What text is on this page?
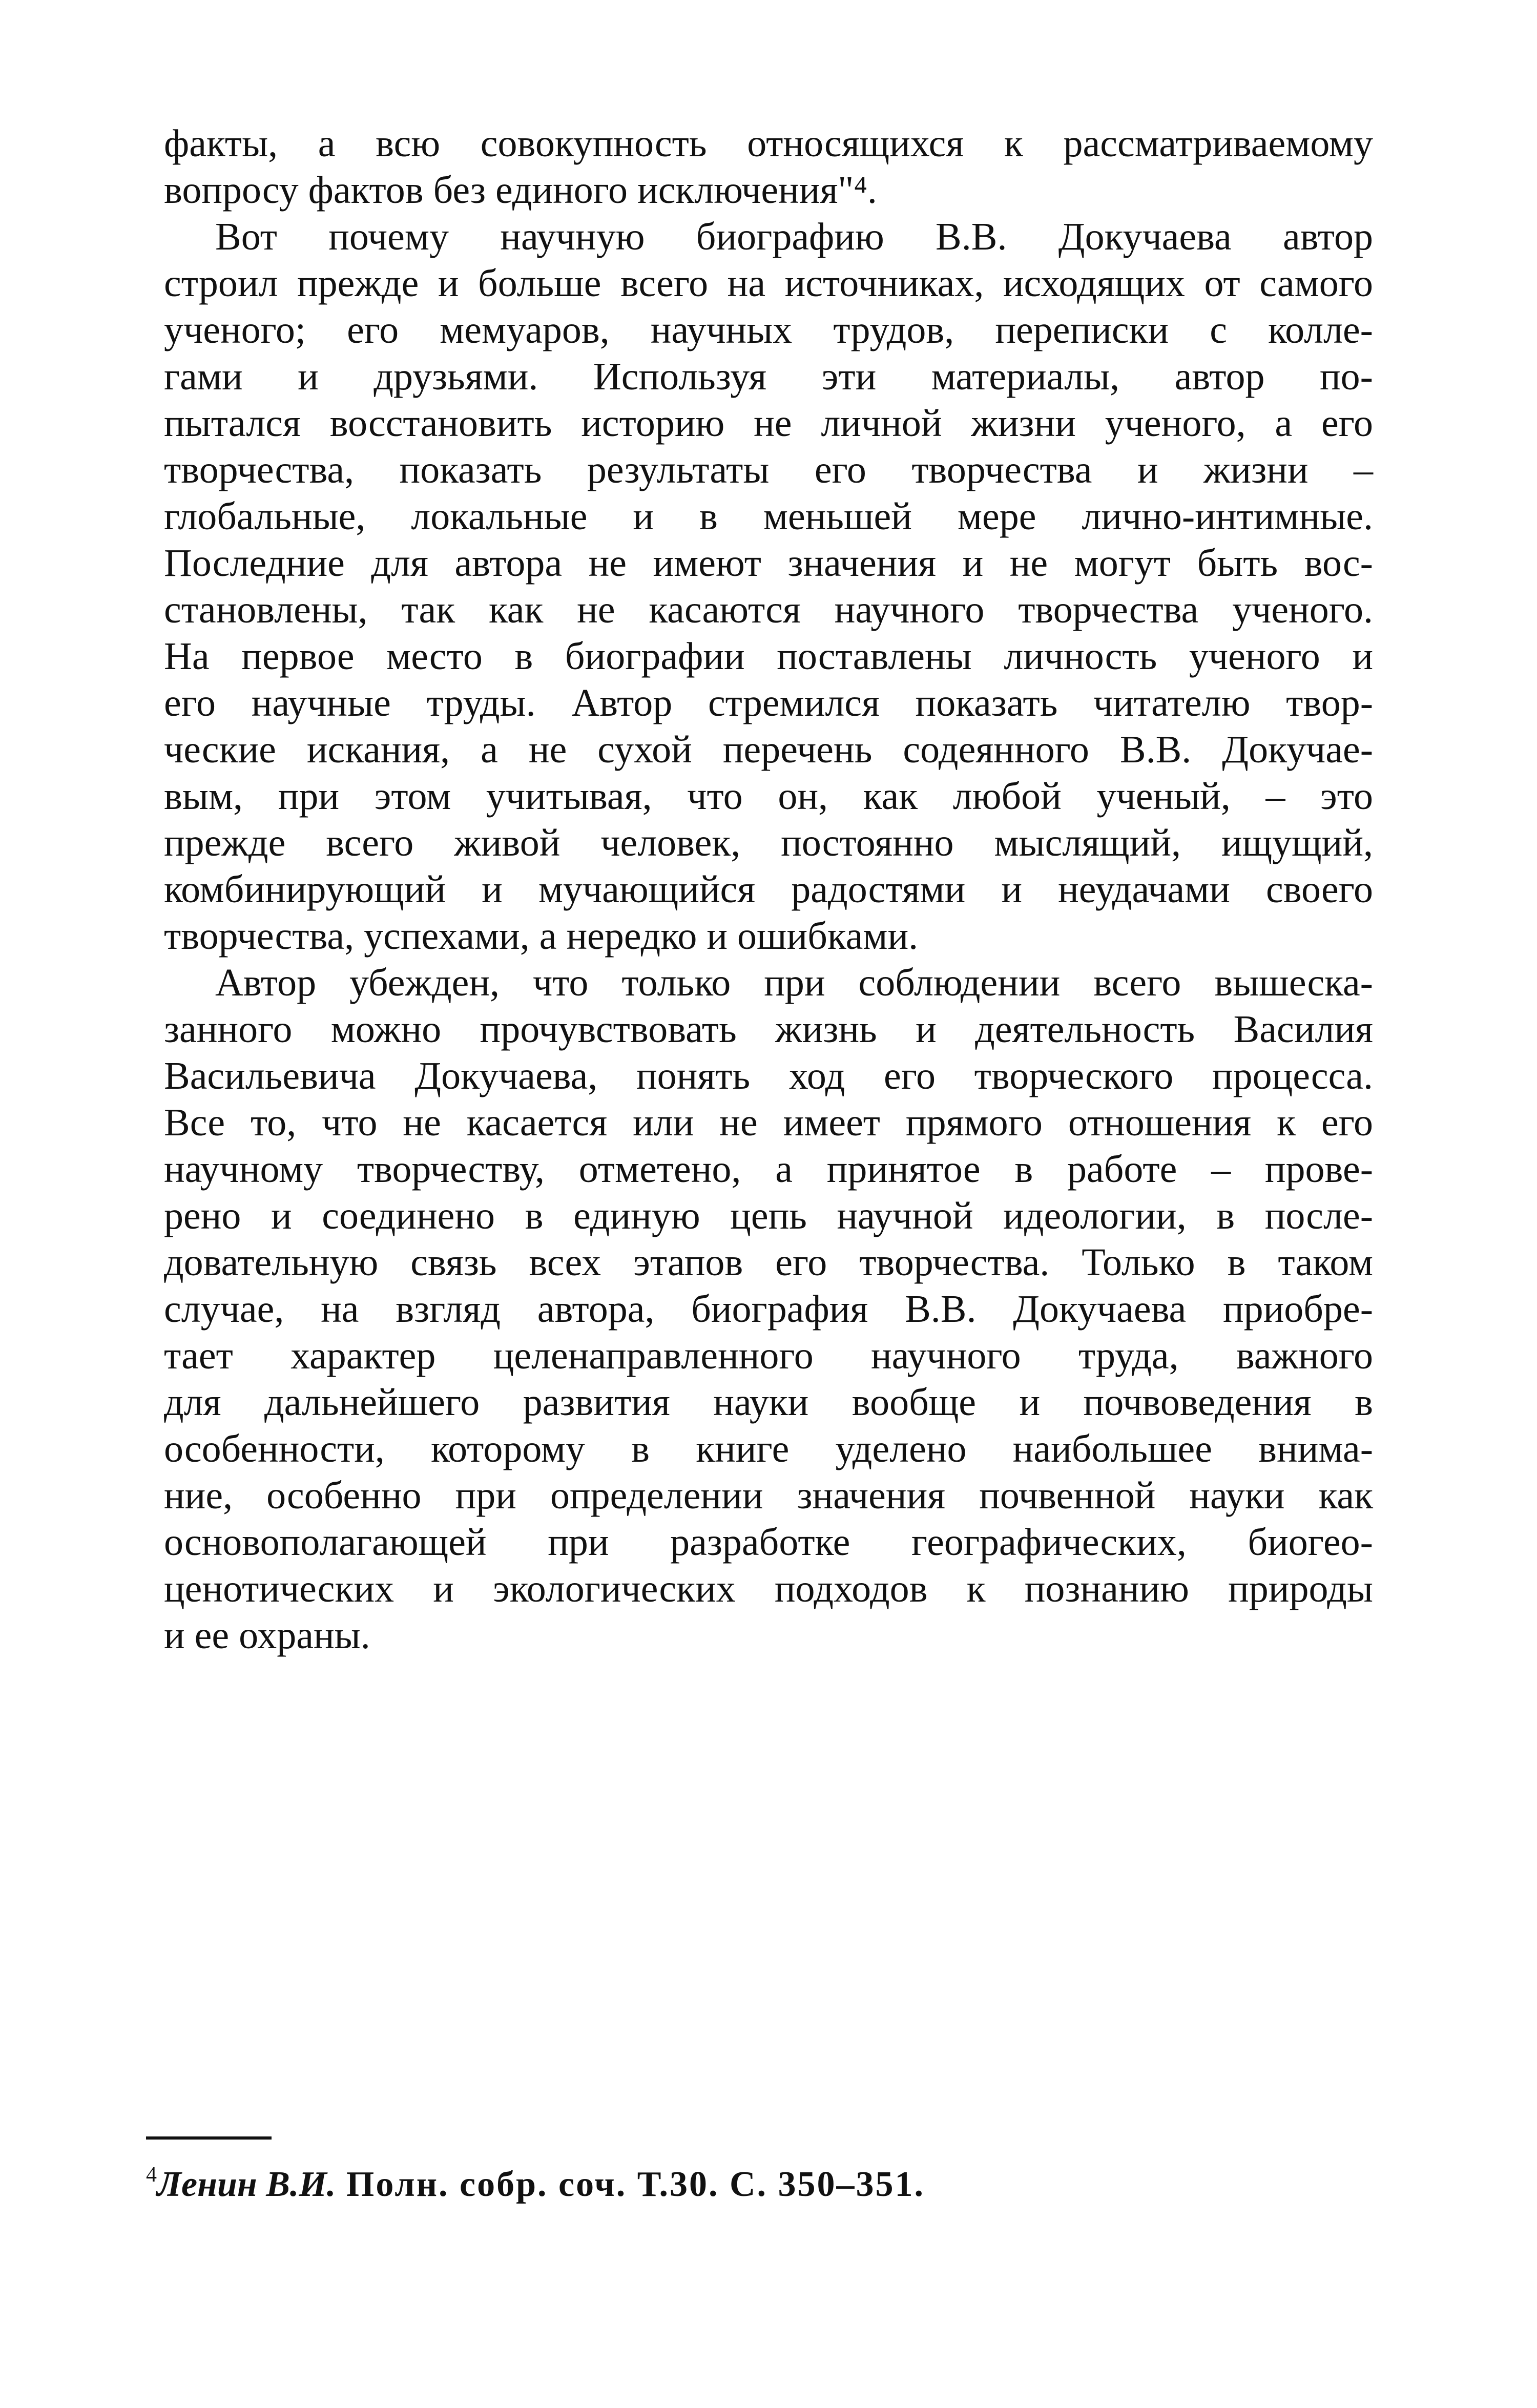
факты, а всю совокупность относящихся к рассматриваемому
вопросу фактов без единого исключения"⁴.
Вот почему научную биографию В.В. Докучаева автор
строил прежде и больше всего на источниках, исходящих от самого
ученого; его мемуаров, научных трудов, переписки с колле-
гами и друзьями. Используя эти материалы, автор по-
пытался восстановить историю не личной жизни ученого, а его
творчества, показать результаты его творчества и жизни –
глобальные, локальные и в меньшей мере лично-интимные.
Последние для автора не имеют значения и не могут быть вос-
становлены, так как не касаются научного творчества ученого.
На первое место в биографии поставлены личность ученого и
его научные труды. Автор стремился показать читателю твор-
ческие искания, а не сухой перечень содеянного В.В. Докучае-
вым, при этом учитывая, что он, как любой ученый, – это
прежде всего живой человек, постоянно мыслящий, ищущий,
комбинирующий и мучающийся радостями и неудачами своего
творчества, успехами, а нередко и ошибками.
Автор убежден, что только при соблюдении всего вышеска-
занного можно прочувствовать жизнь и деятельность Василия
Васильевича Докучаева, понять ход его творческого процесса.
Все то, что не касается или не имеет прямого отношения к его
научному творчеству, отметено, а принятое в работе – прове-
рено и соединено в единую цепь научной идеологии, в после-
довательную связь всех этапов его творчества. Только в таком
случае, на взгляд автора, биография В.В. Докучаева приобре-
тает характер целенаправленного научного труда, важного
для дальнейшего развития науки вообще и почвоведения в
особенности, которому в книге уделено наибольшее внима-
ние, особенно при определении значения почвенной науки как
основополагающей при разработке географических, биогео-
ценотических и экологических подходов к познанию природы
и ее охраны.
$^4$Ленин В.И. Полн. собр. соч. Т.30. С. 350–351.
